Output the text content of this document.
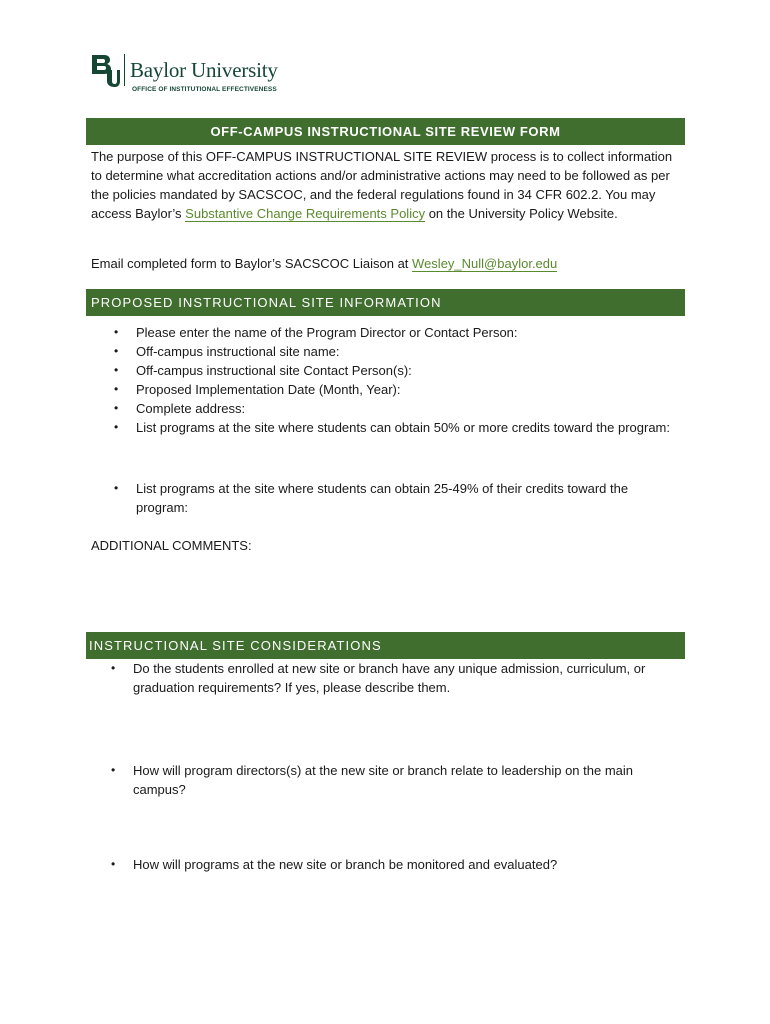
Baylor University
OFFICE OF INSTITUTIONAL EFFECTIVENESS
OFF-CAMPUS INSTRUCTIONAL SITE REVIEW FORM
The purpose of this OFF-CAMPUS INSTRUCTIONAL SITE REVIEW process is to collect information to determine what accreditation actions and/or administrative actions may need to be followed as per the policies mandated by SACSCOC, and the federal regulations found in 34 CFR 602.2. You may access Baylor’s Substantive Change Requirements Policy on the University Policy Website.
Email completed form to Baylor’s SACSCOC Liaison at Wesley_Null@baylor.edu
PROPOSED INSTRUCTIONAL SITE INFORMATION
• Please enter the name of the Program Director or Contact Person:
• Off-campus instructional site name:
• Off-campus instructional site Contact Person(s):
• Proposed Implementation Date (Month, Year):
• Complete address:
• List programs at the site where students can obtain 50% or more credits toward the program:
• List programs at the site where students can obtain 25-49% of their credits toward the program:
ADDITIONAL COMMENTS:
INSTRUCTIONAL SITE CONSIDERATIONS
• Do the students enrolled at new site or branch have any unique admission, curriculum, or graduation requirements? If yes, please describe them.
• How will program directors(s) at the new site or branch relate to leadership on the main campus?
• How will programs at the new site or branch be monitored and evaluated?
